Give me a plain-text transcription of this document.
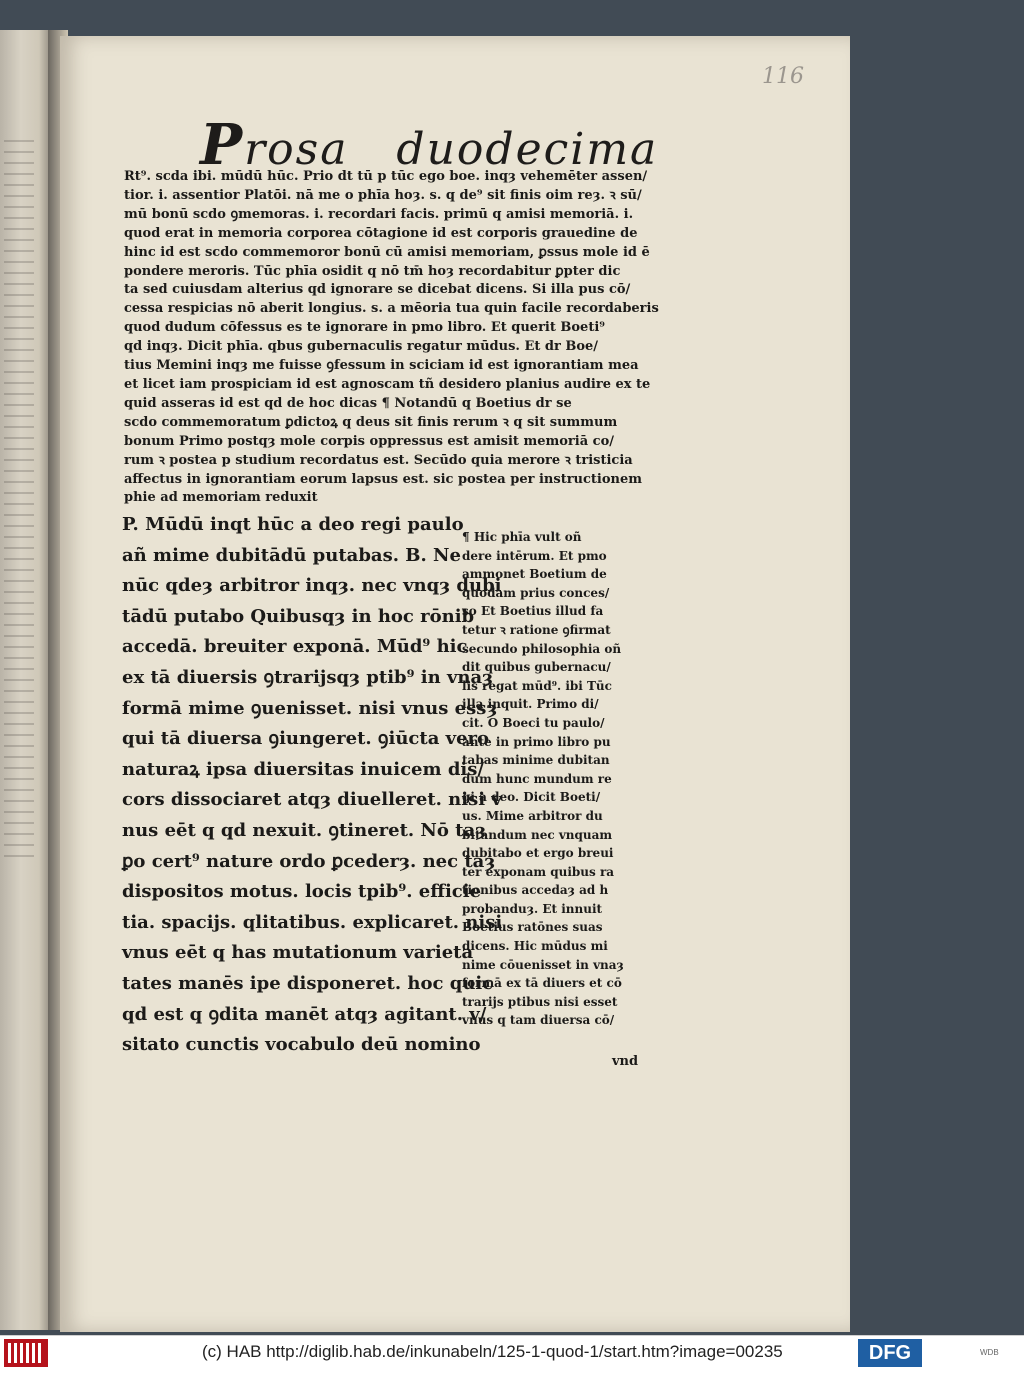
116
Prosa duodecima
Rt⁹. scda ibi. mūdū hūc. Prio dt tū p tūc ego boe. inqȝ vehemēter assen/
tior. i. assentior Platōi. nā me o phīa hoȝ. s. q de⁹ sit finis oim reȝ. ꝛ sū/
mū bonū scdo ꝯmemoras. i. recordari facis. primū q amisi memoriā. i.
quod erat in memoria corporea cōtagione id est corporis grauedine de
hinc id est scdo commemoror bonū cū amisi memoriam, ꝑssus mole id ē
pondere meroris. Tūc phīa osidit q nō tm̄ hoȝ recordabitur ꝑpter dic
ta sed cuiusdam alterius qd ignorare se dicebat dicens. Si illa pus cō/
cessa respicias nō aberit longius. s. a mēoria tua quin facile recordaberis
quod dudum cōfessus es te ignorare in pmo libro. Et querit Boeti⁹
qd inqȝ. Dicit phīa. qbus gubernaculis regatur mūdus. Et dr Boe/
tius Memini inqȝ me fuisse ꝯfessum in sciciam id est ignorantiam mea
et licet iam prospiciam id est agnoscam tñ desidero planius audire ex te
quid asseras id est qd de hoc dicas ¶ Notandū q Boetius dr se
scdo commemoratum ꝑdictoꝝ q deus sit finis rerum ꝛ q sit summum
bonum Primo postqȝ mole corpis oppressus est amisit memoriā co/
rum ꝛ postea p studium recordatus est. Secūdo quia merore ꝛ tristicia
affectus in ignorantiam eorum lapsus est. sic postea per instructionem
phie ad memoriam reduxit
P. Mūdū inqt hūc a deo regi paulo
añ mime dubitādū putabas. B. Ne
nūc qdeȝ arbitror inqȝ. nec vnqȝ dubi
tādū putabo Quibusqȝ in hoc rōnib
accedā. breuiter exponā. Mūd⁹ hic
ex tā diuersis ꝯtrarijsqȝ ptib⁹ in vnaȝ
formā mime ꝯuenisset. nisi vnus essȝ
qui tā diuersa ꝯiungeret. ꝯiūcta vero
naturaꝝ ipsa diuersitas inuicem dis/
cors dissociaret atqȝ diuelleret. nisi v
nus eēt q qd nexuit. ꝯtineret. Nō taȝ
ꝑo cert⁹ nature ordo ꝑcederȝ. nec taȝ
dispositos motus. locis tpib⁹. efficie
tia. spacijs. qlitatibus. explicaret. nisi
vnus eēt q has mutationum varieta
tates manēs ipe disponeret. hoc quic
qd est q ꝯdita manēt atqȝ agitant. v/
sitato cunctis vocabulo deū nomino
¶ Hic phīa vult oñ
dere intērum. Et pmo
ammonet Boetium de
quodam prius conces/
so Et Boetius illud fa
tetur ꝛ ratione ꝯfirmat
secundo philosophia oñ
dit quibus gubernacu/
lis regat mūd⁹. ibi Tūc
illa inquit. Primo di/
cit. O Boeci tu paulo/
ante in primo libro pu
tabas minime dubitan
dum hunc mundum re
gi a deo. Dicit Boeti/
us. Mime arbitror du
bitandum nec vnquam
dubitabo et ergo breui
ter exponam quibus ra
tionibus accedaȝ ad h
probanduȝ. Et innuit
Boetius ratōnes suas
dicens. Hic mūdus mi
nime cōuenisset in vnaȝ
formā ex tā diuers et cō
trarijs ptibus nisi esset
vnus q tam diuersa cō/
vnd
(c) HAB http://diglib.hab.de/inkunabeln/125-1-quod-1/start.htm?image=00235	DFG	WDB
